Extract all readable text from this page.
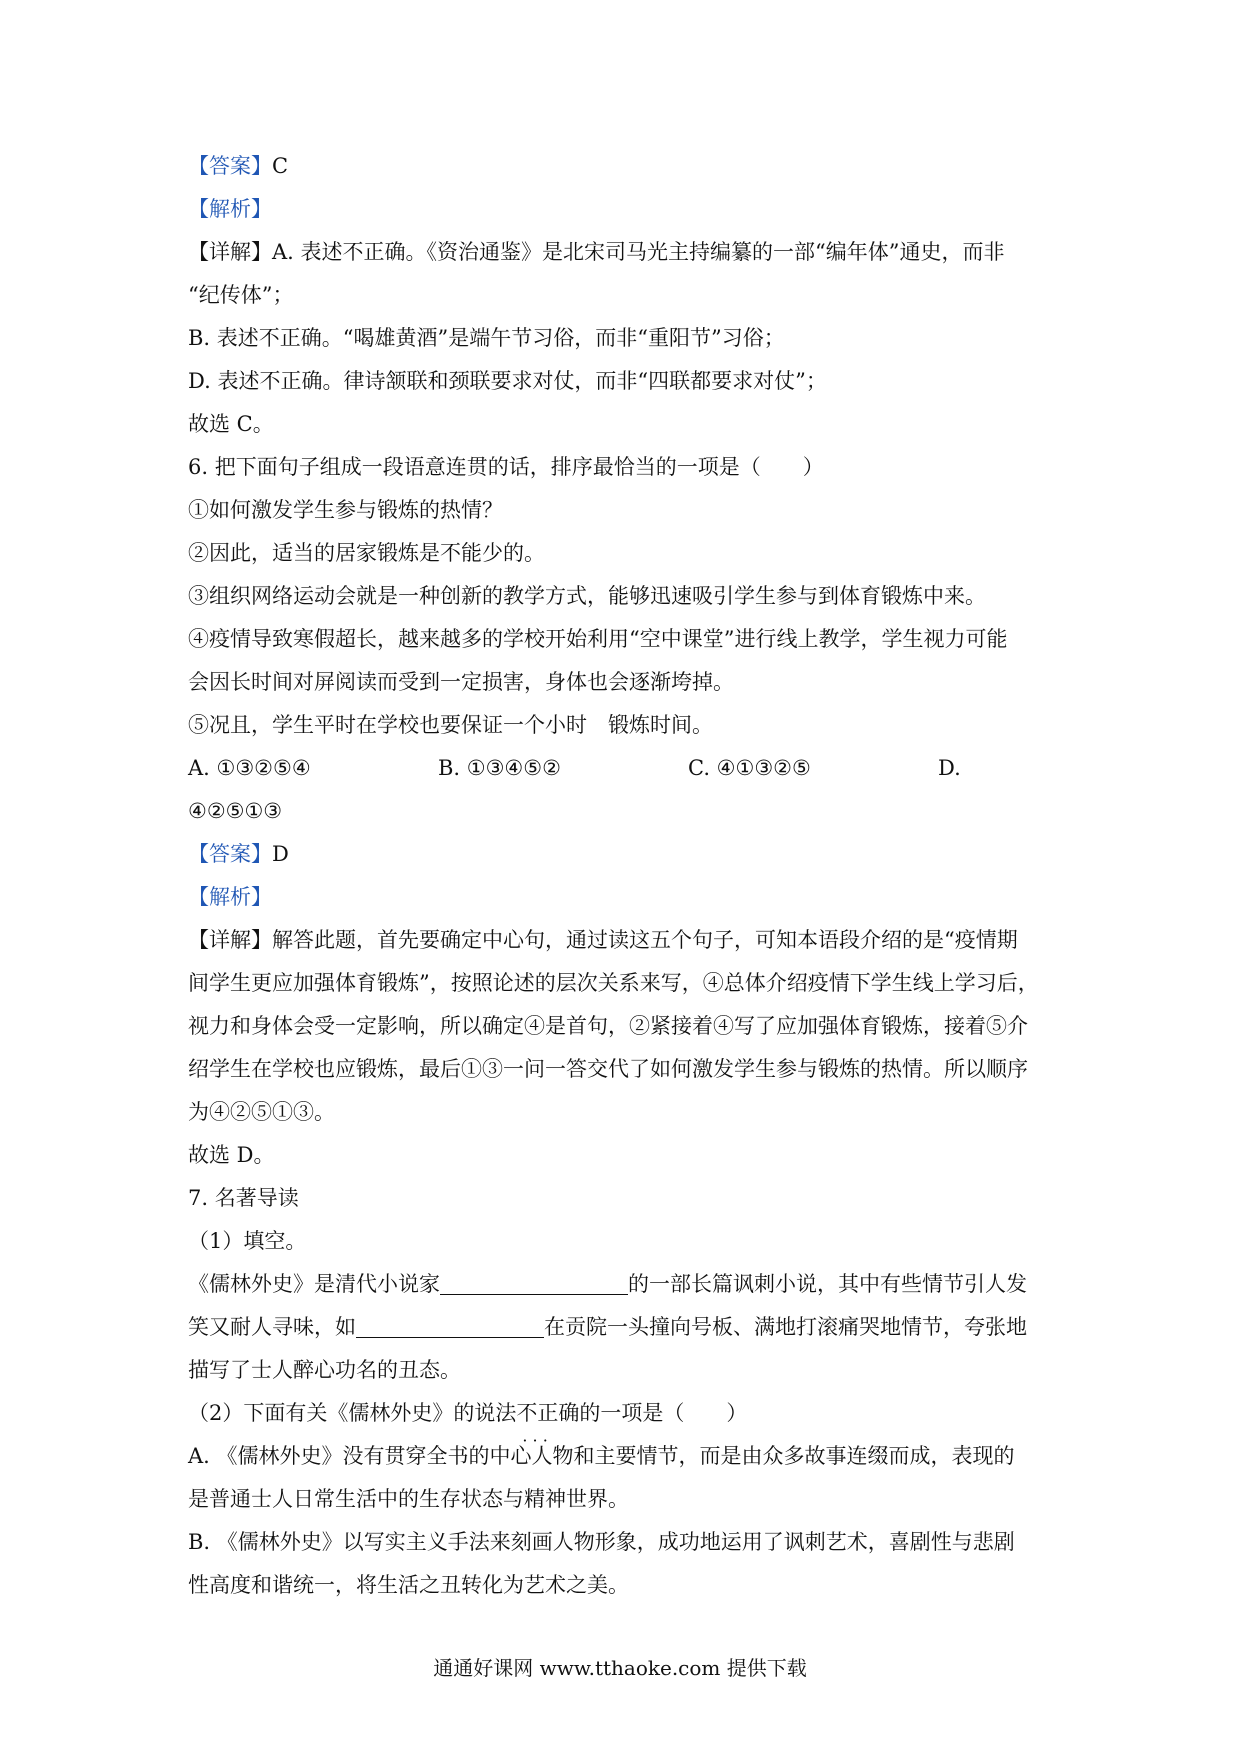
【答案】C
【解析】
【详解】A. 表述不正确。《资治通鉴》是北宋司马光主持编纂的一部“编年体”通史，而非
“纪传体”；
B. 表述不正确。“喝雄黄酒”是端午节习俗，而非“重阳节”习俗；
D. 表述不正确。律诗颔联和颈联要求对仗，而非“四联都要求对仗”；
故选 C。
6. 把下面句子组成一段语意连贯的话，排序最恰当的一项是（　　）
①如何激发学生参与锻炼的热情？
②因此，适当的居家锻炼是不能少的。
③组织网络运动会就是一种创新的教学方式，能够迅速吸引学生参与到体育锻炼中来。
④疫情导致寒假超长，越来越多的学校开始利用“空中课堂”进行线上教学，学生视力可能
会因长时间对屏阅读而受到一定损害，身体也会逐渐垮掉。
⑤况且，学生平时在学校也要保证一个小时　锻炼时间。
A. ①③②⑤④	B. ①③④⑤②	C. ④①③②⑤	D.
④②⑤①③
【答案】D
【解析】
【详解】解答此题，首先要确定中心句，通过读这五个句子，可知本语段介绍的是“疫情期
间学生更应加强体育锻炼”，按照论述的层次关系来写，④总体介绍疫情下学生线上学习后，
视力和身体会受一定影响，所以确定④是首句，②紧接着④写了应加强体育锻炼，接着⑤介
绍学生在学校也应锻炼，最后①③一问一答交代了如何激发学生参与锻炼的热情。所以顺序
为④②⑤①③。
故选 D。
7. 名著导读
（1）填空。
《儒林外史》是清代小说家	的一部长篇讽刺小说，其中有些情节引人发
笑又耐人寻味，如	在贡院一头撞向号板、满地打滚痛哭地情节，夸张地
描写了士人醉心功名的丑态。
（2）下面有关《儒林外史》的说法不正确 · · ·的一项是（　　）
A. 《儒林外史》没有贯穿全书的中心人物和主要情节，而是由众多故事连缀而成，表现的
是普通士人日常生活中的生存状态与精神世界。
B. 《儒林外史》以写实主义手法来刻画人物形象，成功地运用了讽刺艺术，喜剧性与悲剧
性高度和谐统一，将生活之丑转化为艺术之美。
通通好课网 www.tthaoke.com 提供下载
